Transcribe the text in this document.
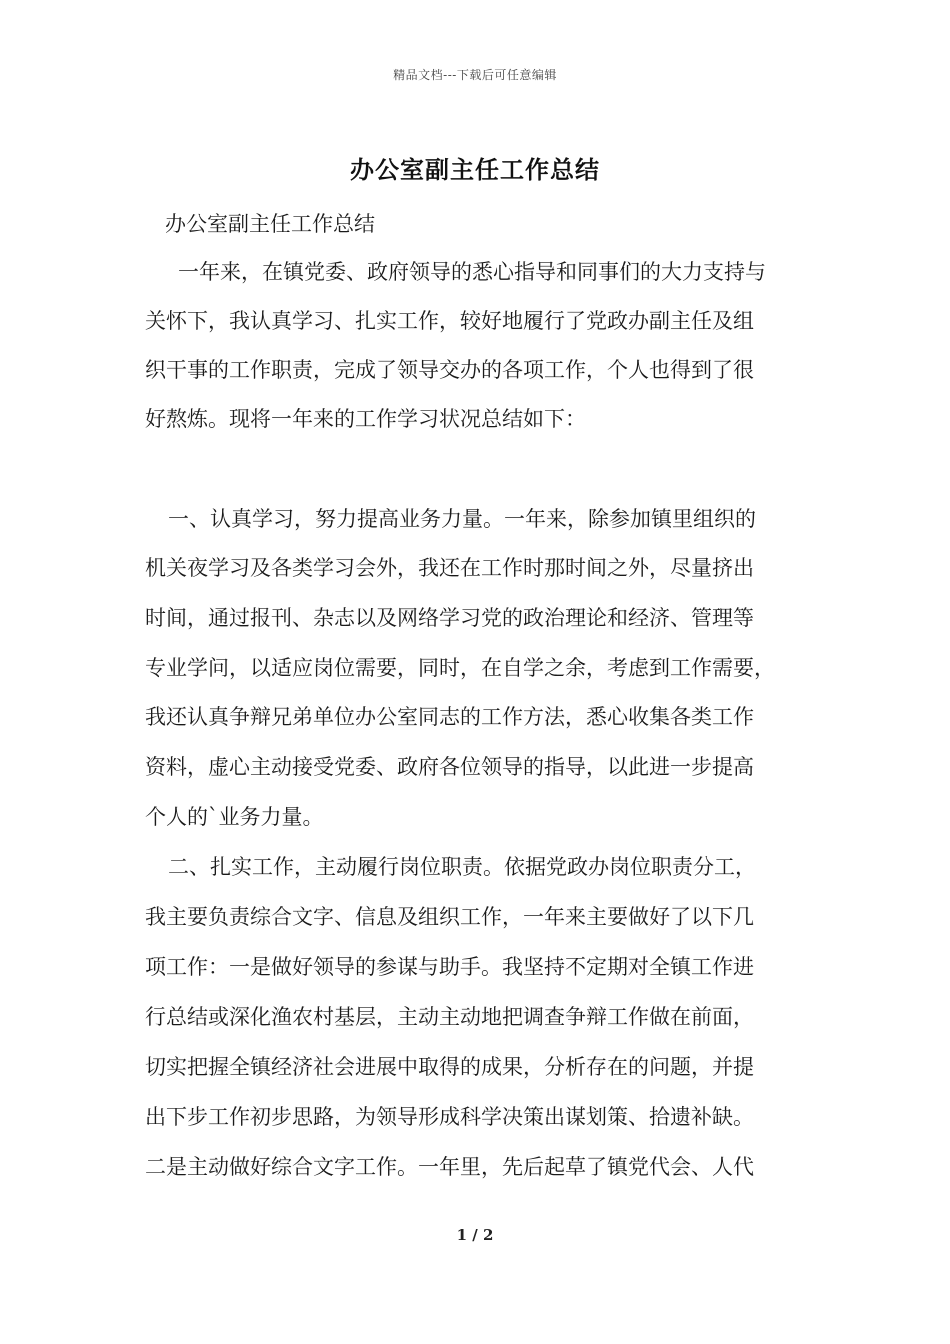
精品文档---下载后可任意编辑
办公室副主任工作总结
办公室副主任工作总结
一年来，在镇党委、政府领导的悉心指导和同事们的大力支持与
关怀下，我认真学习、扎实工作，较好地履行了党政办副主任及组
织干事的工作职责，完成了领导交办的各项工作，个人也得到了很
好熬炼。现将一年来的工作学习状况总结如下：
一、认真学习，努力提高业务力量。一年来，除参加镇里组织的
机关夜学习及各类学习会外，我还在工作时那时间之外，尽量挤出
时间，通过报刊、杂志以及网络学习党的政治理论和经济、管理等
专业学问，以适应岗位需要，同时，在自学之余，考虑到工作需要，
我还认真争辩兄弟单位办公室同志的工作方法，悉心收集各类工作
资料，虚心主动接受党委、政府各位领导的指导，以此进一步提高
个人的`业务力量。
二、扎实工作，主动履行岗位职责。依据党政办岗位职责分工，
我主要负责综合文字、信息及组织工作，一年来主要做好了以下几
项工作：一是做好领导的参谋与助手。我坚持不定期对全镇工作进
行总结或深化渔农村基层，主动主动地把调查争辩工作做在前面，
切实把握全镇经济社会进展中取得的成果，分析存在的问题，并提
出下步工作初步思路，为领导形成科学决策出谋划策、拾遗补缺。
二是主动做好综合文字工作。一年里，先后起草了镇党代会、人代
1 / 2
